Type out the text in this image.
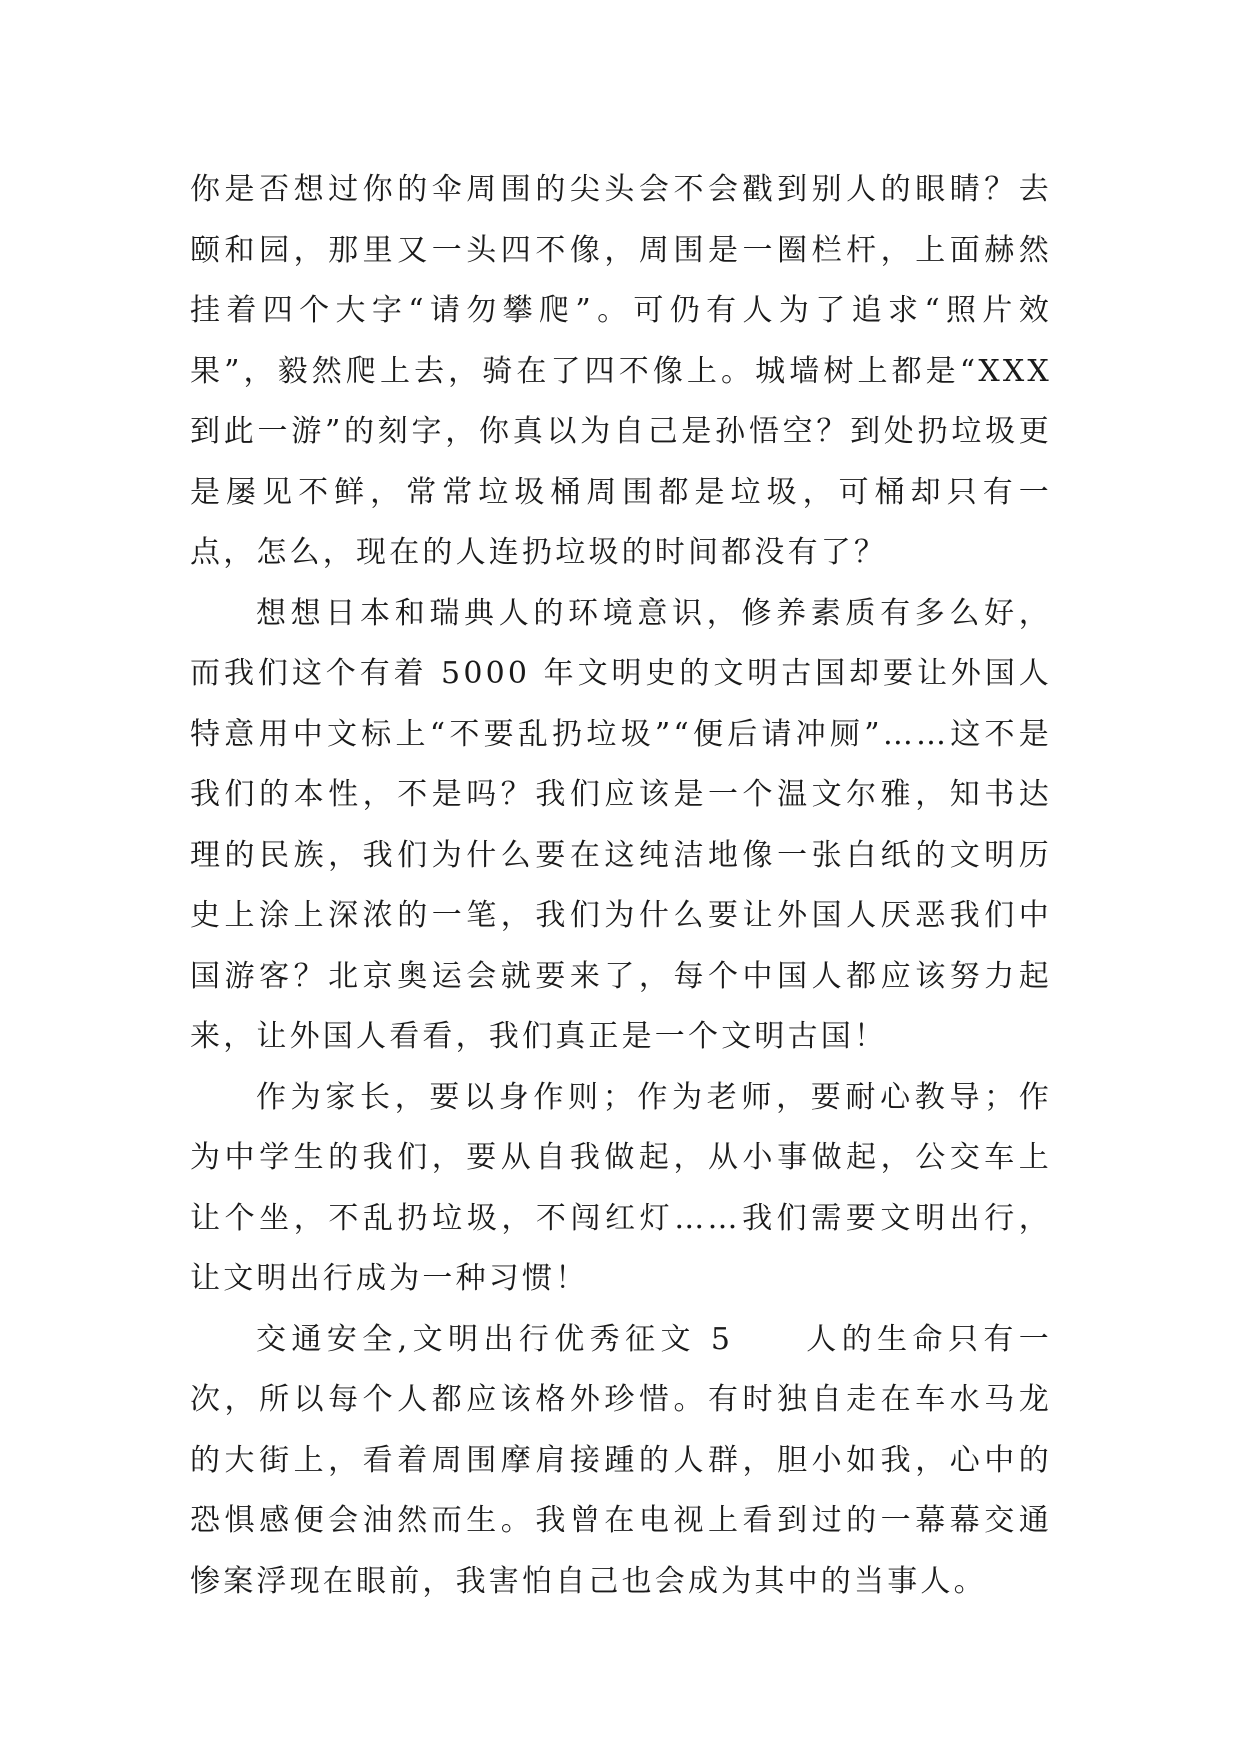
你是否想过你的伞周围的尖头会不会戳到别人的眼睛？去颐和园，那里又一头四不像，周围是一圈栏杆，上面赫然挂着四个大字“请勿攀爬”。可仍有人为了追求“照片效果”，毅然爬上去，骑在了四不像上。城墙树上都是“XXX 到此一游”的刻字，你真以为自己是孙悟空？到处扔垃圾更是屡见不鲜，常常垃圾桶周围都是垃圾，可桶却只有一点，怎么，现在的人连扔垃圾的时间都没有了？

想想日本和瑞典人的环境意识，修养素质有多么好，而我们这个有着 5000 年文明史的文明古国却要让外国人特意用中文标上“不要乱扔垃圾”“便后请冲厕”……这不是我们的本性，不是吗？我们应该是一个温文尔雅，知书达理的民族，我们为什么要在这纯洁地像一张白纸的文明历史上涂上深浓的一笔，我们为什么要让外国人厌恶我们中国游客？北京奥运会就要来了，每个中国人都应该努力起来，让外国人看看，我们真正是一个文明古国！

作为家长，要以身作则；作为老师，要耐心教导；作为中学生的我们，要从自我做起，从小事做起，公交车上让个坐，不乱扔垃圾，不闯红灯……我们需要文明出行，让文明出行成为一种习惯！

交通安全,文明出行优秀征文 5　　人的生命只有一次，所以每个人都应该格外珍惜。有时独自走在车水马龙的大街上，看着周围摩肩接踵的人群，胆小如我，心中的恐惧感便会油然而生。我曾在电视上看到过的一幕幕交通惨案浮现在眼前，我害怕自己也会成为其中的当事人。
